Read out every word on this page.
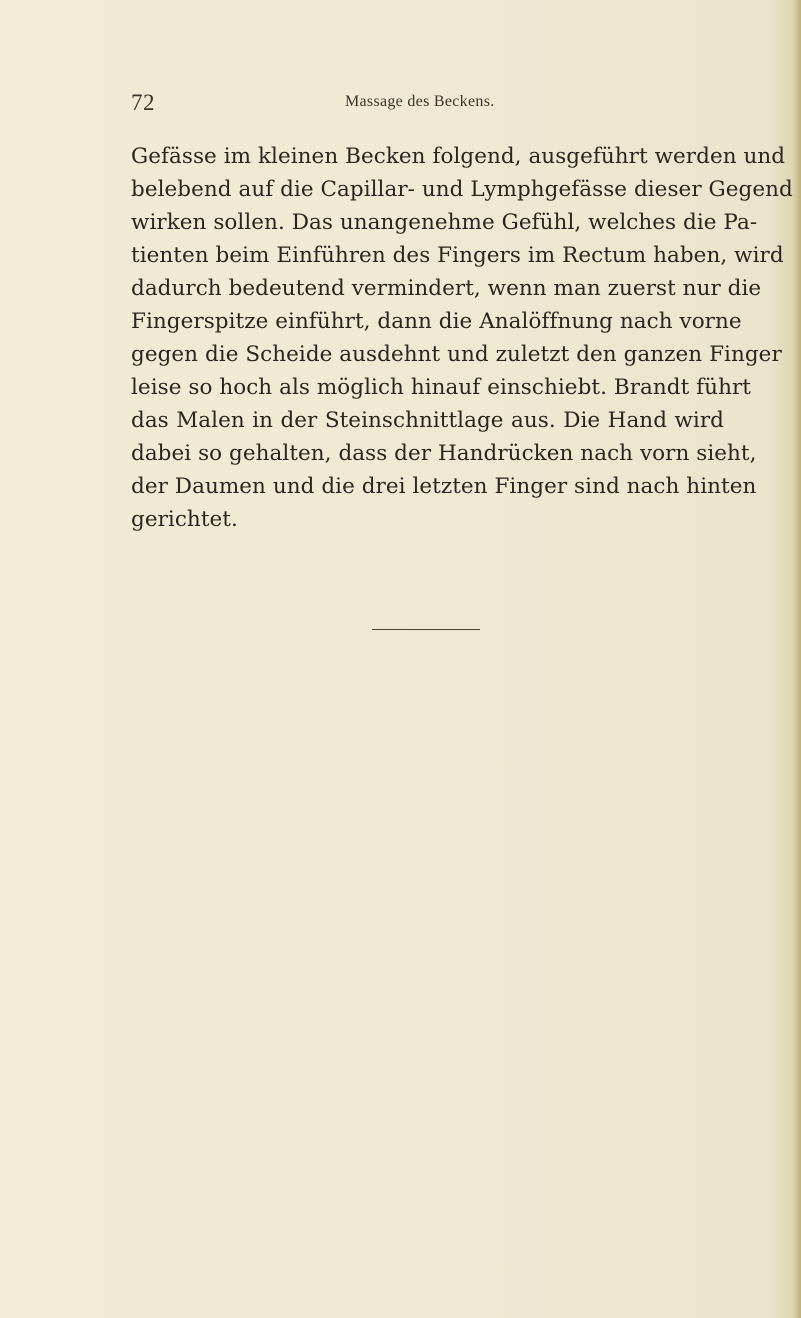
72	Massage des Beckens.
Gefässe im kleinen Becken folgend, ausgeführt werden und
belebend auf die Capillar- und Lymphgefässe dieser Gegend
wirken sollen. Das unangenehme Gefühl, welches die Pa-
tienten beim Einführen des Fingers im Rectum haben, wird
dadurch bedeutend vermindert, wenn man zuerst nur die
Fingerspitze einführt, dann die Analöffnung nach vorne
gegen die Scheide ausdehnt und zuletzt den ganzen Finger
leise so hoch als möglich hinauf einschiebt. Brandt führt
das Malen in der Steinschnittlage aus. Die Hand wird
dabei so gehalten, dass der Handrücken nach vorn sieht,
der Daumen und die drei letzten Finger sind nach hinten
gerichtet.
